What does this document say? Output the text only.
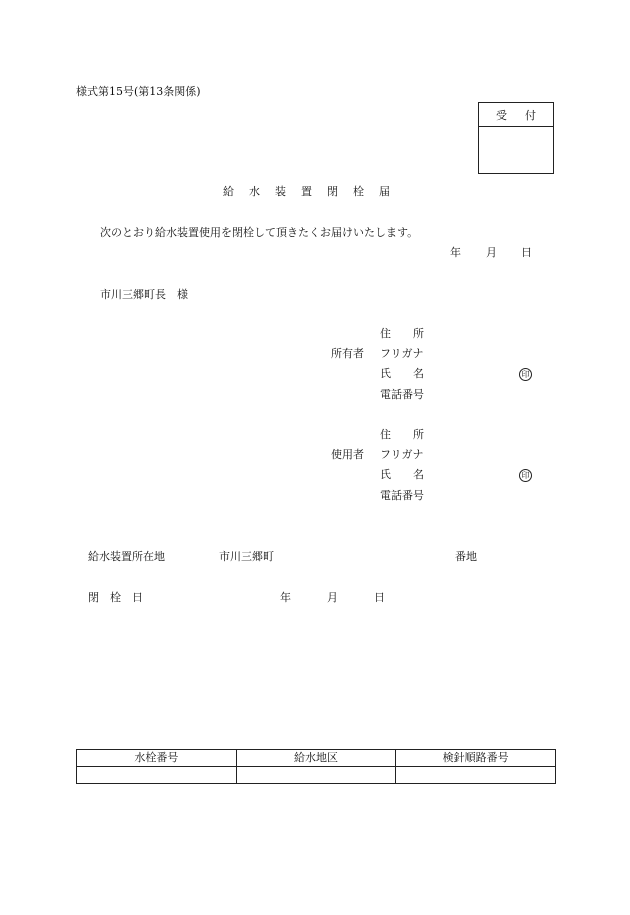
様式第15号(第13条関係)
受 付
給 水 装 置 閉 栓 届
次のとおり給水装置使用を閉栓して頂きたくお届けいたします。
年 月 日
市川三郷町長　様
住 所
所有者 フリガナ
氏 名	印
電話番号
住 所
使用者 フリガナ
氏 名	印
電話番号
給水装置所在地	市川三郷町	番地
閉　栓　日	年	月	日
水栓番号	給水地区	検針順路番号
